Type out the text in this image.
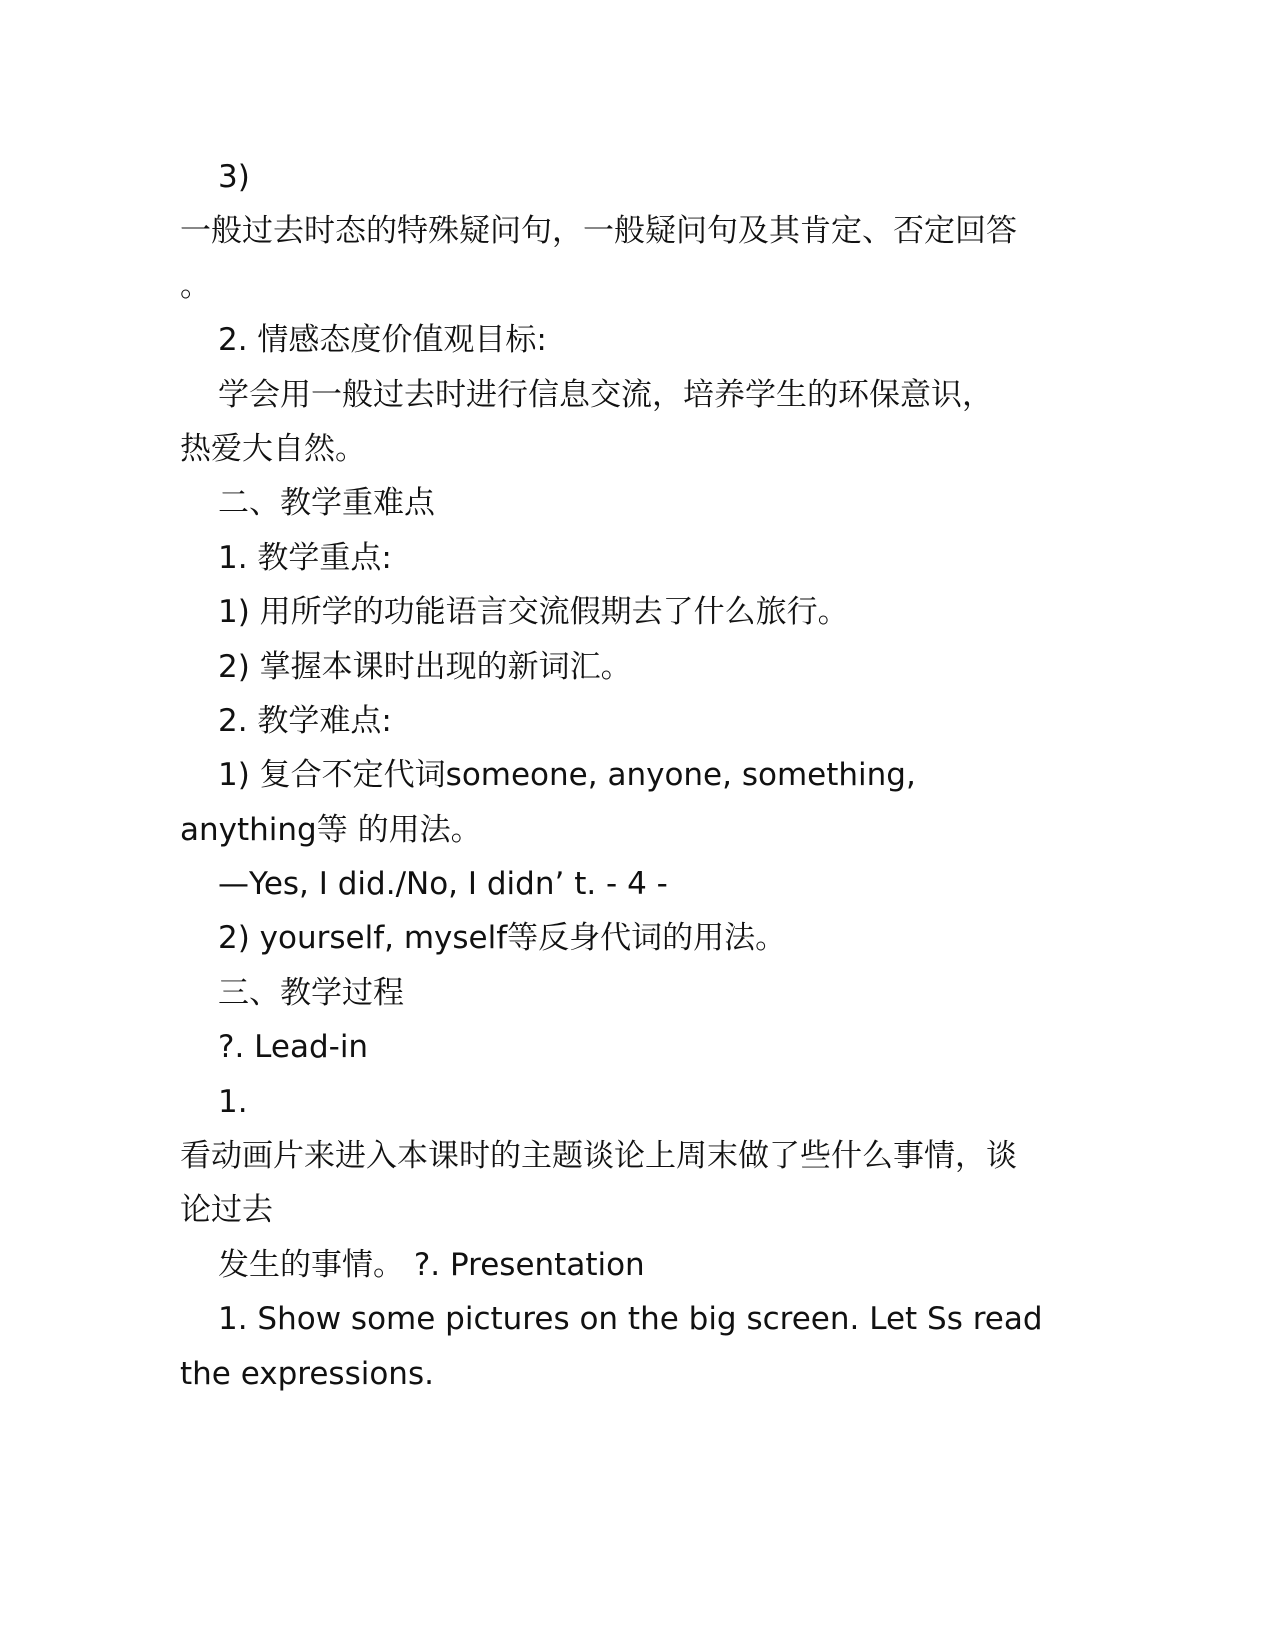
3)
一般过去时态的特殊疑问句，一般疑问句及其肯定、否定回答
。
2. 情感态度价值观目标:
学会用一般过去时进行信息交流，培养学生的环保意识，
热爱大自然。
二、教学重难点
1. 教学重点:
1) 用所学的功能语言交流假期去了什么旅行。
2) 掌握本课时出现的新词汇。
2. 教学难点:
1) 复合不定代词someone, anyone, something,
anything等 的用法。
—Yes, I did./No, I didn’ t. - 4 -
2) yourself, myself等反身代词的用法。
三、教学过程
?. Lead-in
1.
看动画片来进入本课时的主题谈论上周末做了些什么事情，谈
论过去
发生的事情。 ?. Presentation
1. Show some pictures on the big screen. Let Ss read
the expressions.
